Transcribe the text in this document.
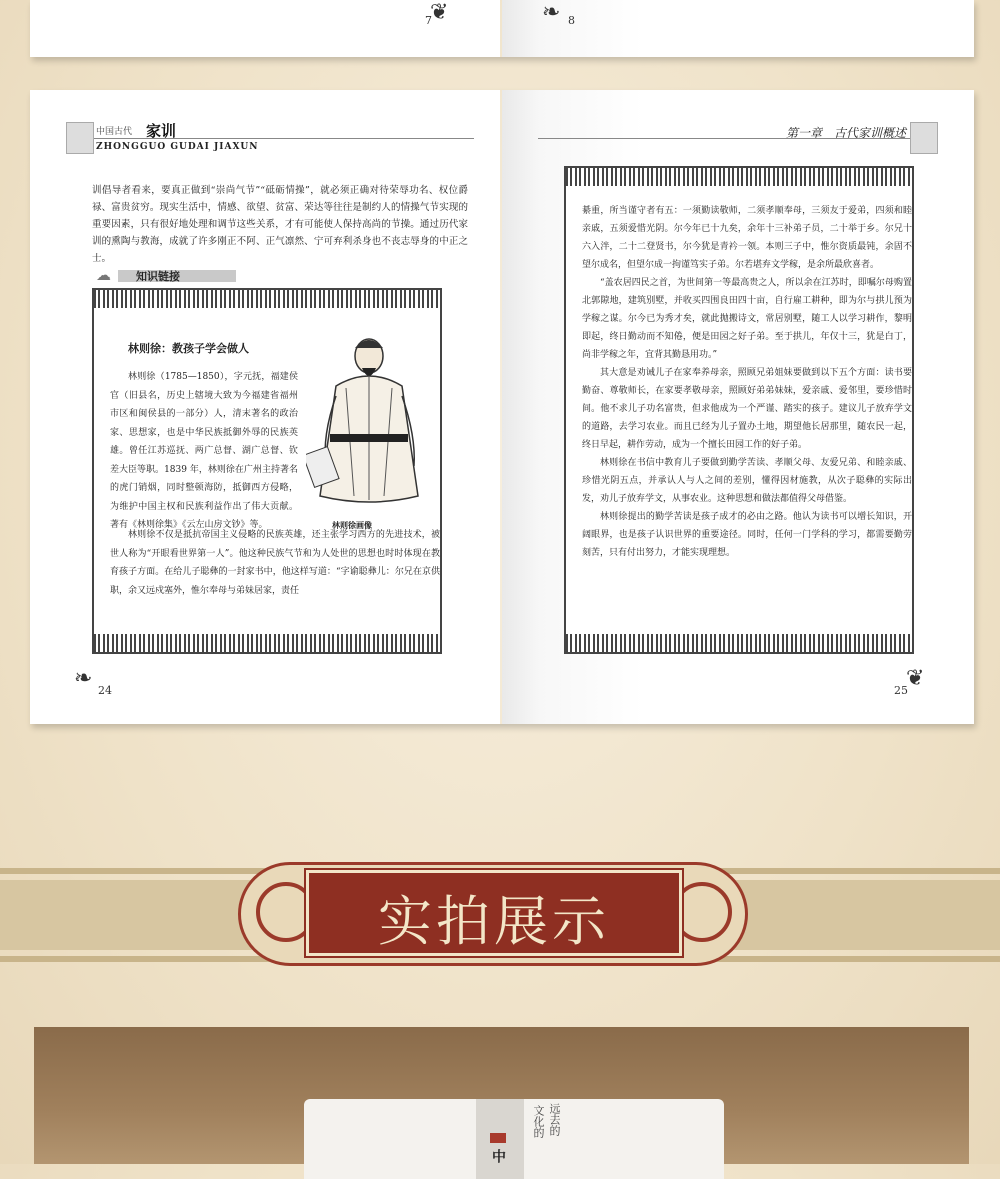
7
❦	❧ 8
中国古代 家训
ZHONGGUO GUDAI JIAXUN

训倡导者看来，要真正做到“崇尚气节”“砥砺情操”，就必须正确对待荣辱功名、权位爵禄、富贵贫穷。现实生活中，情感、欲望、贫富、荣达等往往是制约人的情操气节实现的重要因素，只有很好地处理和调节这些关系，才有可能使人保持高尚的节操。通过历代家训的熏陶与教海，成就了许多刚正不阿、正气凛然、宁可弃利杀身也不丧志辱身的中正之士。

☁ 知识链接
林则徐：教孩子学会做人

林则徐（1785—1850），字元抚，福建侯官（旧县名，历史上辖境大致为今福建省福州市区和闽侯县的一部分）人，清末著名的政治家、思想家，也是中华民族抵御外辱的民族英雄。曾任江苏巡抚、两广总督、湖广总督、钦差大臣等职。1839 年，林则徐在广州主持著名的虎门销烟，同时整顿海防，抵御西方侵略，为维护中国主权和民族利益作出了伟大贡献。著有《林则徐集》《云左山房文钞》等。	林则徐画像

林则徐不仅是抵抗帝国主义侵略的民族英雄，还主张学习西方的先进技术，被世人称为“开眼看世界第一人”。他这种民族气节和为人处世的思想也时时体现在教育孩子方面。在给儿子聪彝的一封家书中，他这样写道：“字谕聪彝儿：尔兄在京供职，余又远戍塞外，惟尔奉母与弟妹居家，责任

❧ 24
第一章　古代家训概述

綦重，所当谨守者有五：一须勤读敬师，二须孝顺奉母，三须友于爱弟，四须和睦亲戚，五须爱惜光阴。尔今年已十九矣，余年十三补弟子员，二十举于乡。尔兄十六入泮，二十二登贤书，尔今犹是青衿一领。本则三子中，惟尔资质最钝，余固不望尔成名，但望尔成一拘谨笃实子弟。尔若堪弃文学稼，是余所最欣喜者。

“盖农居四民之首，为世间第一等最高贵之人，所以余在江苏时，即嘱尔母购置北郭隙地，建筑别墅，并收买四围良田四十亩，自行雇工耕种，即为尔与拱儿预为学稼之谋。尔今已为秀才矣，就此抛搬诗文，常居别墅，随工人以学习耕作，黎明即起，终日勤动而不知倦，便是田园之好子弟。至于拱儿，年仅十三，犹是白丁，尚非学稼之年，宜背其勤恳用功。”

其大意是劝诫儿子在家奉养母亲，照顾兄弟姐妹要做到以下五个方面：读书要勤奋、尊敬师长，在家要孝敬母亲，照顾好弟弟妹妹，爱亲戚、爱邻里，要珍惜时间。他不求儿子功名富贵，但求他成为一个严谨、踏实的孩子。建议儿子放弃学文的道路，去学习农业。而且已经为儿子置办土地，期望他长居那里，随农民一起，终日早起，耕作劳动，成为一个擅长田园工作的好子弟。

林则徐在书信中教育儿子要做到勤学苦读、孝顺父母、友爱兄弟、和睦亲戚、珍惜光阴五点，并承认人与人之间的差别，懂得因材施教，从次子聪彝的实际出发，劝儿子放弃学文，从事农业。这种思想和做法都值得父母借鉴。

林则徐提出的勤学苦读是孩子成才的必由之路。他认为读书可以增长知识，开阔眼界，也是孩子认识世界的重要途径。同时，任何一门学科的学习，都需要勤劳刻苦，只有付出努力，才能实现理想。

25
❦
实拍展示
文化的 远去的
中
